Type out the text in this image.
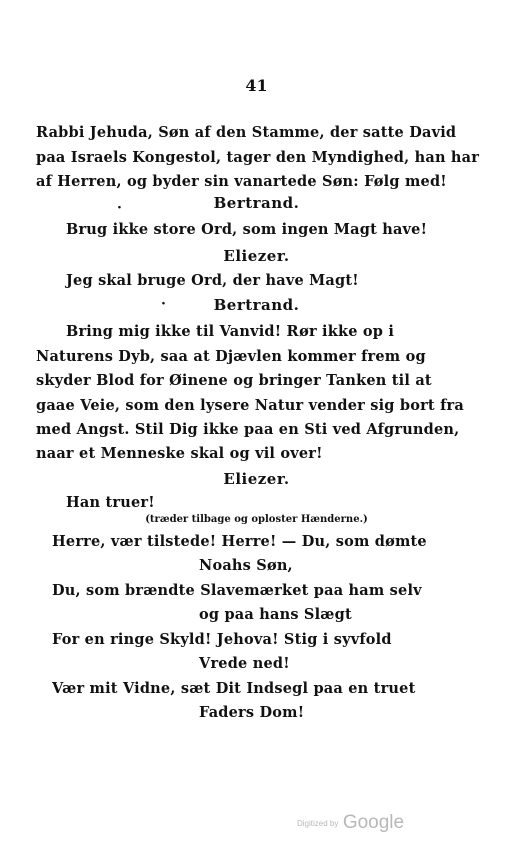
41
Rabbi Jehuda, Søn af den Stamme, der satte David
paa Israels Kongestol, tager den Myndighed, han har
af Herren, og byder sin vanartede Søn: Følg med!
·	Bertrand.
Brug ikke store Ord, som ingen Magt have!
Eliezer.
Jeg skal bruge Ord, der have Magt!
·	Bertrand.
Bring mig ikke til Vanvid! Rør ikke op i
Naturens Dyb, saa at Djævlen kommer frem og
skyder Blod for Øinene og bringer Tanken til at
gaae Veie, som den lysere Natur vender sig bort fra
med Angst. Stil Dig ikke paa en Sti ved Afgrunden,
naar et Menneske skal og vil over!
Eliezer.
Han truer!
(træder tilbage og oploster Hænderne.)
Herre, vær tilstede! Herre! — Du, som dømte
Noahs Søn,
Du, som brændte Slavemærket paa ham selv
og paa hans Slægt
For en ringe Skyld! Jehova! Stig i syvfold
Vrede ned!
Vær mit Vidne, sæt Dit Indsegl paa en truet
Faders Dom!
Digitized by Google
